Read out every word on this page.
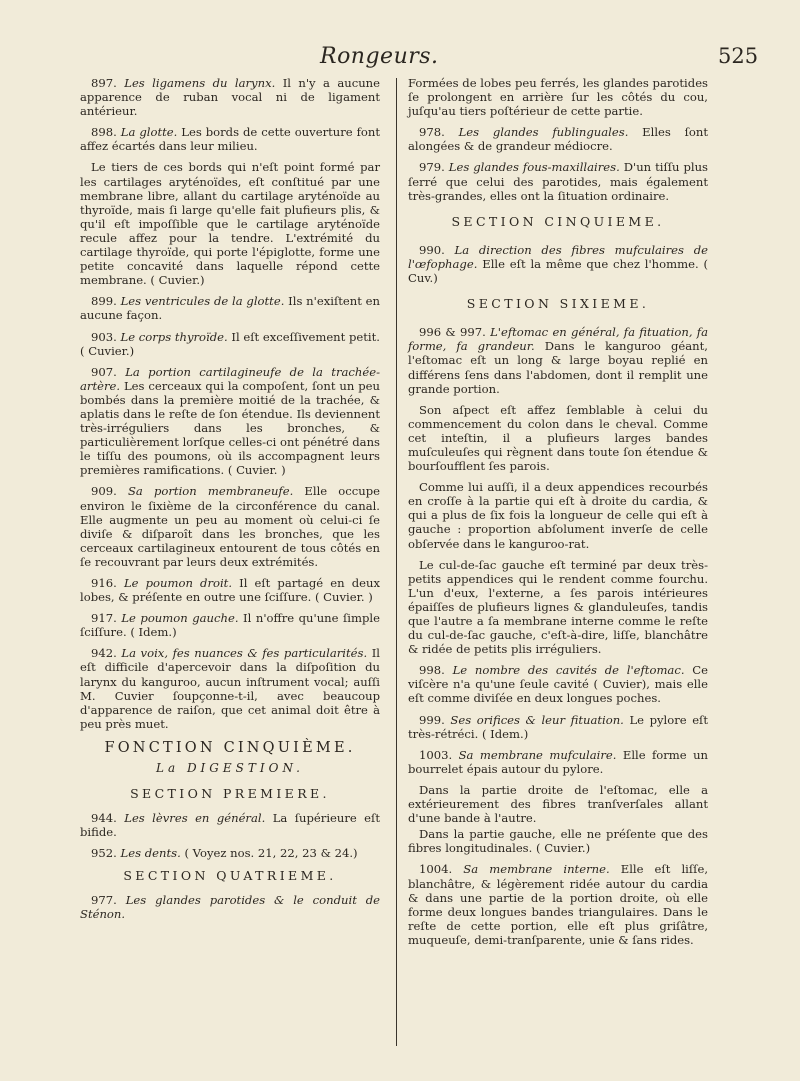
Rongeurs.	525

897. Les ligamens du larynx. Il n'y a aucune apparence de ruban vocal ni de ligament antérieur.

898. La glotte. Les bords de cette ouverture font affez écartés dans leur milieu.

Le tiers de ces bords qui n'eſt point formé par les cartilages aryténoïdes, eſt conſtitué par une membrane libre, allant du cartilage aryténoïde au thyroïde, mais ſi large qu'elle fait plufieurs plis, & qu'il eſt impoſſible que le cartilage aryténoïde recule affez pour la tendre. L'extrémité du cartilage thyroïde, qui porte l'épiglotte, forme une petite concavité dans laquelle répond cette membrane. ( Cuvier.)

899. Les ventricules de la glotte. Ils n'exiſtent en aucune façon.

903. Le corps thyroïde. Il eſt exceſſivement petit. ( Cuvier.)

907. La portion cartilagineufe de la trachée-artère. Les cerceaux qui la compoſent, ſont un peu bombés dans la première moitié de la trachée, & aplatis dans le reſte de ſon étendue. Ils deviennent très-irréguliers dans les bronches, & particulièrement lorſque celles-ci ont pénétré dans le tiſſu des poumons, où ils accompagnent leurs premières ramifications. ( Cuvier. )

909. Sa portion membraneufe. Elle occupe environ le ſixième de la circonférence du canal. Elle augmente un peu au moment où celui-ci ſe diviſe & diſparoît dans les bronches, que les cerceaux cartilagineux entourent de tous côtés en ſe recouvrant par leurs deux extrémités.

916. Le poumon droit. Il eſt partagé en deux lobes, & préſente en outre une ſciſſure. ( Cuvier. )

917. Le poumon gauche. Il n'offre qu'une ſimple ſciſſure. ( Idem.)

942. La voix, fes nuances & fes particularités. Il eſt difficile d'apercevoir dans la diſpoſition du larynx du kanguroo, aucun inſtrument vocal; auſſi M. Cuvier ſoupçonne-t-il, avec beaucoup d'apparence de raiſon, que cet animal doit être à peu près muet.

FONCTION CINQUIÈME.
La DIGESTION.
SECTION PREMIERE.

944. Les lèvres en général. La ſupérieure eſt bifide.

952. Les dents. ( Voyez nos. 21, 22, 23 & 24.)

SECTION QUATRIEME.

977. Les glandes parotides & le conduit de Sténon.

Formées de lobes peu ferrés, les glandes parotides ſe prolongent en arrière ſur les côtés du cou, juſqu'au tiers poſtérieur de cette partie.

978. Les glandes fublinguales. Elles ſont alongées & de grandeur médiocre.

979. Les glandes fous-maxillaires. D'un tiſſu plus ſerré que celui des parotides, mais également très-grandes, elles ont la ſituation ordinaire.

SECTION CINQUIEME.

990. La direction des fibres mufculaires de l'œfophage. Elle eſt la même que chez l'homme. ( Cuv.)

SECTION SIXIEME.

996 & 997. L'eftomac en général, fa fituation, fa forme, fa grandeur. Dans le kanguroo géant, l'eſtomac eſt un long & large boyau replié en différens ſens dans l'abdomen, dont il remplit une grande portion.

Son aſpect eſt affez ſemblable à celui du commencement du colon dans le cheval. Comme cet inteſtin, il a plufieurs larges bandes muſculeuſes qui règnent dans toute ſon étendue & bourſoufflent ſes parois.

Comme lui auſſi, il a deux appendices recourbés en croſſe à la partie qui eſt à droite du cardia, & qui a plus de ſix fois la longueur de celle qui eſt à gauche : proportion abſolument inverſe de celle obſervée dans le kanguroo-rat.

Le cul-de-ſac gauche eſt terminé par deux très-petits appendices qui le rendent comme fourchu. L'un d'eux, l'externe, a ſes parois intérieures épaiſſes de plufieurs lignes & glanduleuſes, tandis que l'autre a ſa membrane interne comme le reſte du cul-de-ſac gauche, c'eſt-à-dire, liſſe, blanchâtre & ridée de petits plis irréguliers.

998. Le nombre des cavités de l'eftomac. Ce viſcère n'a qu'une ſeule cavité ( Cuvier), mais elle eſt comme diviſée en deux longues poches.

999. Ses orifices & leur fituation. Le pylore eſt très-rétréci. ( Idem.)

1003. Sa membrane mufculaire. Elle forme un bourrelet épais autour du pylore.

Dans la partie droite de l'eſtomac, elle a extérieurement des fibres tranſverſales allant d'une bande à l'autre.

Dans la partie gauche, elle ne préſente que des fibres longitudinales. ( Cuvier.)

1004. Sa membrane interne. Elle eſt liſſe, blanchâtre, & légèrement ridée autour du cardia & dans une partie de la portion droite, où elle forme deux longues bandes triangulaires. Dans le reſte de cette portion, elle eſt plus griſâtre, muqueuſe, demi-tranſparente, unie & ſans rides.
